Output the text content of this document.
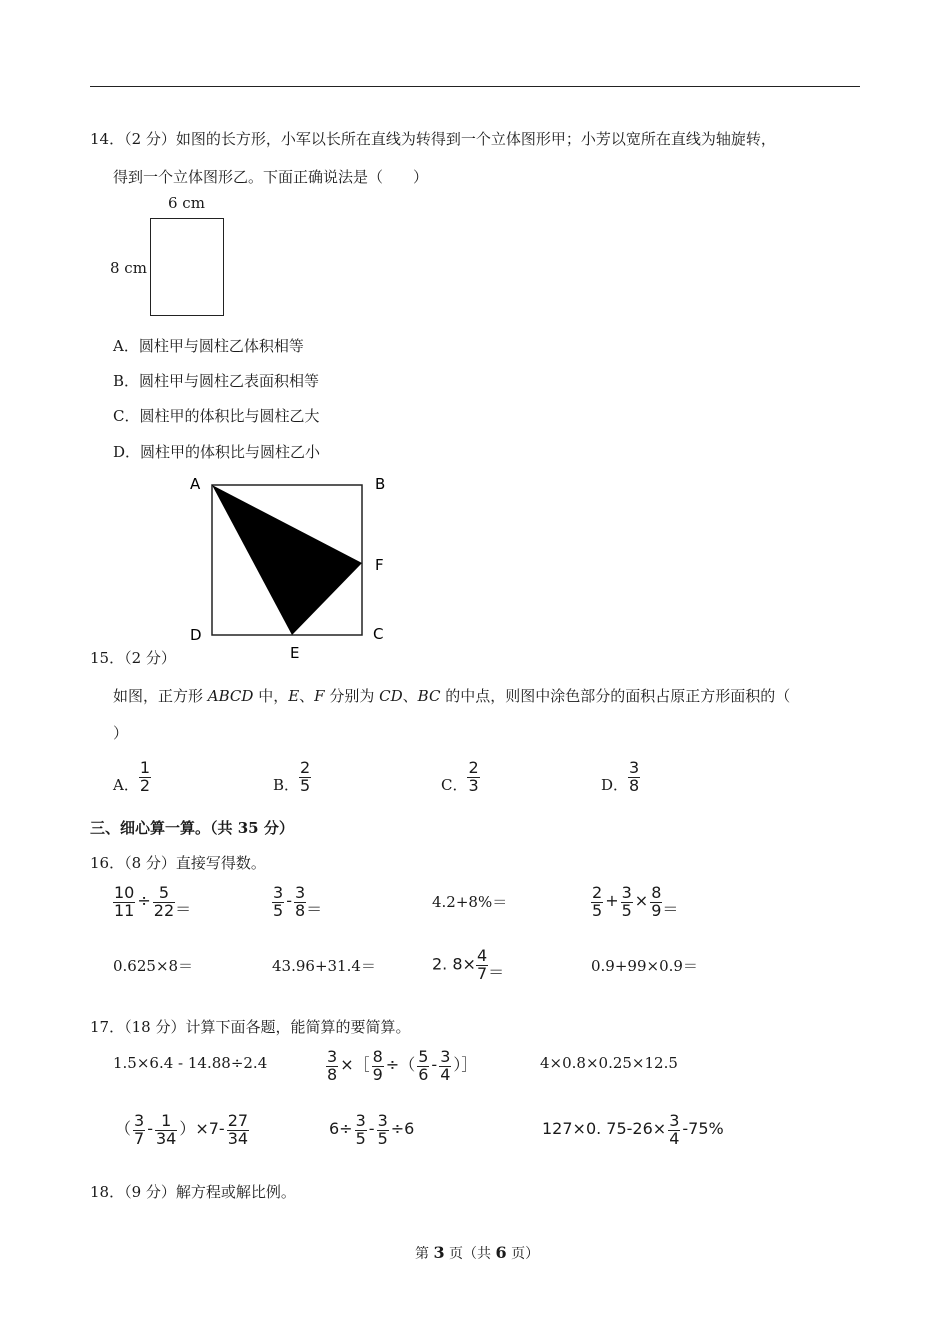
14．（2 分）如图的长方形，小军以长所在直线为转得到一个立体图形甲；小芳以宽所在直线为轴旋转，
得到一个立体图形乙。下面正确说法是（　　）
6 cm
8 cm
A．圆柱甲与圆柱乙体积相等
B．圆柱甲与圆柱乙表面积相等
C．圆柱甲的体积比与圆柱乙大
D．圆柱甲的体积比与圆柱乙小
A	B
F
C
D
E
15．（2 分）
如图，正方形 ABCD 中，E、F 分别为 CD、BC 的中点，则图中涂色部分的面积占原正方形面积的（
）
A． $\frac{1}{2}$	B． $\frac{2}{5}$	C． $\frac{2}{3}$	D． $\frac{3}{8}$
三、细心算一算。（共 35 分）
16．（8 分）直接写得数。
$\frac{10}{11} \div \frac{5}{22}$ ＝	$\frac{3}{5} - \frac{3}{8}$ ＝	4.2+8%＝	$\frac{2}{5} + \frac{3}{5} \times \frac{8}{9}$ ＝
0.625×8＝	43.96+31.4＝	2. $8\times \frac{4}{7}$ ＝	0.9+99×0.9＝
17．（18 分）计算下面各题，能简算的要简算。
1.5×6.4 - 14.88÷2.4	$\frac{3}{8}$ ×［ $\frac{8}{9}$ ÷（ $\frac{5}{6} - \frac{3}{4}$ ）］	4×0.8×0.25×12.5
（ $\frac{3}{7} - \frac{1}{34} )\times 7- \frac{27}{34}$	$6\div \frac{3}{5} - \frac{3}{5} \div 6$	127×0. $75-26\times \frac{3}{4} -75\%$
18．（9 分）解方程或解比例。
第 3 页（共 6 页）
